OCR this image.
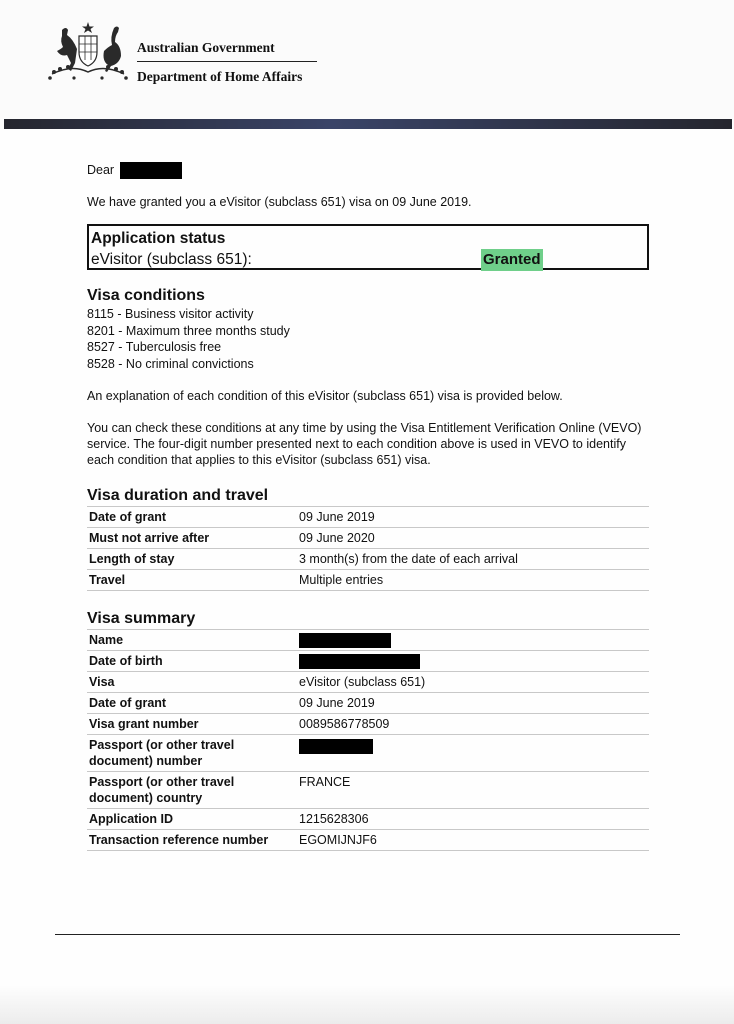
Australian Government
Department of Home Affairs
Dear

We have granted you a eVisitor (subclass 651) visa on 09 June 2019.

Application status
eVisitor (subclass 651):	Granted
Visa conditions
8115 - Business visitor activity
8201 - Maximum three months study
8527 - Tuberculosis free
8528 - No criminal convictions

An explanation of each condition of this eVisitor (subclass 651) visa is provided below.

You can check these conditions at any time by using the Visa Entitlement Verification Online (VEVO) service. The four-digit number presented next to each condition above is used in VEVO to identify each condition that applies to this eVisitor (subclass 651) visa.

Visa duration and travel
Date of grant	09 June 2019
Must not arrive after	09 June 2020
Length of stay	3 month(s) from the date of each arrival
Travel	Multiple entries
Visa summary
Name	
Date of birth	
Visa	eVisitor (subclass 651)
Date of grant	09 June 2019
Visa grant number	0089586778509
Passport (or other travel document) number	
Passport (or other travel document) country	FRANCE
Application ID	1215628306
Transaction reference number	EGOMIJNJF6
